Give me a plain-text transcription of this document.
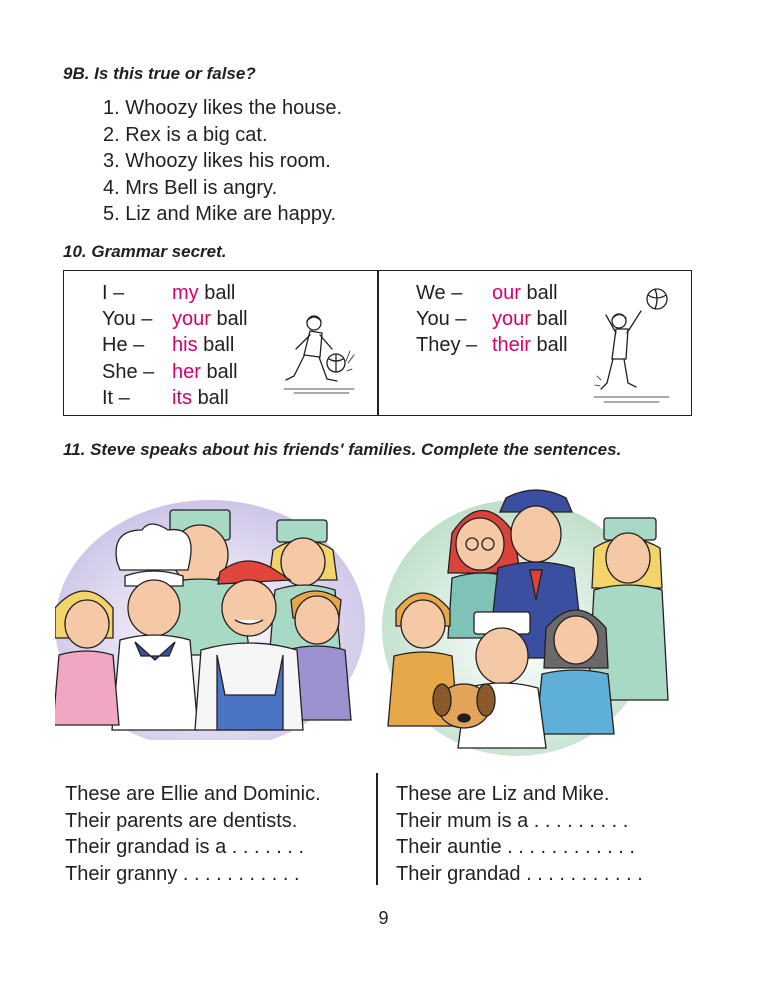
9B. Is this true or false?
1. Whoozy likes the house.
2. Rex is a big cat.
3. Whoozy likes his room.
4. Mrs Bell is angry.
5. Liz and Mike are happy.
10. Grammar secret.
I –	my ball
You –	your ball
He –	his ball
She –	her ball
It –	its ball
We –	our ball
You –	your ball
They –	their ball
11. Steve speaks about his friends' families. Complete the sentences.
These are Ellie and Dominic.
Their parents are dentists.
Their grandad is a . . . . . . .
Their granny . . . . . . . . . . .
These are Liz and Mike.
Their mum is a . . . . . . . . .
Their auntie . . . . . . . . . . . .
Their grandad . . . . . . . . . . .
9
